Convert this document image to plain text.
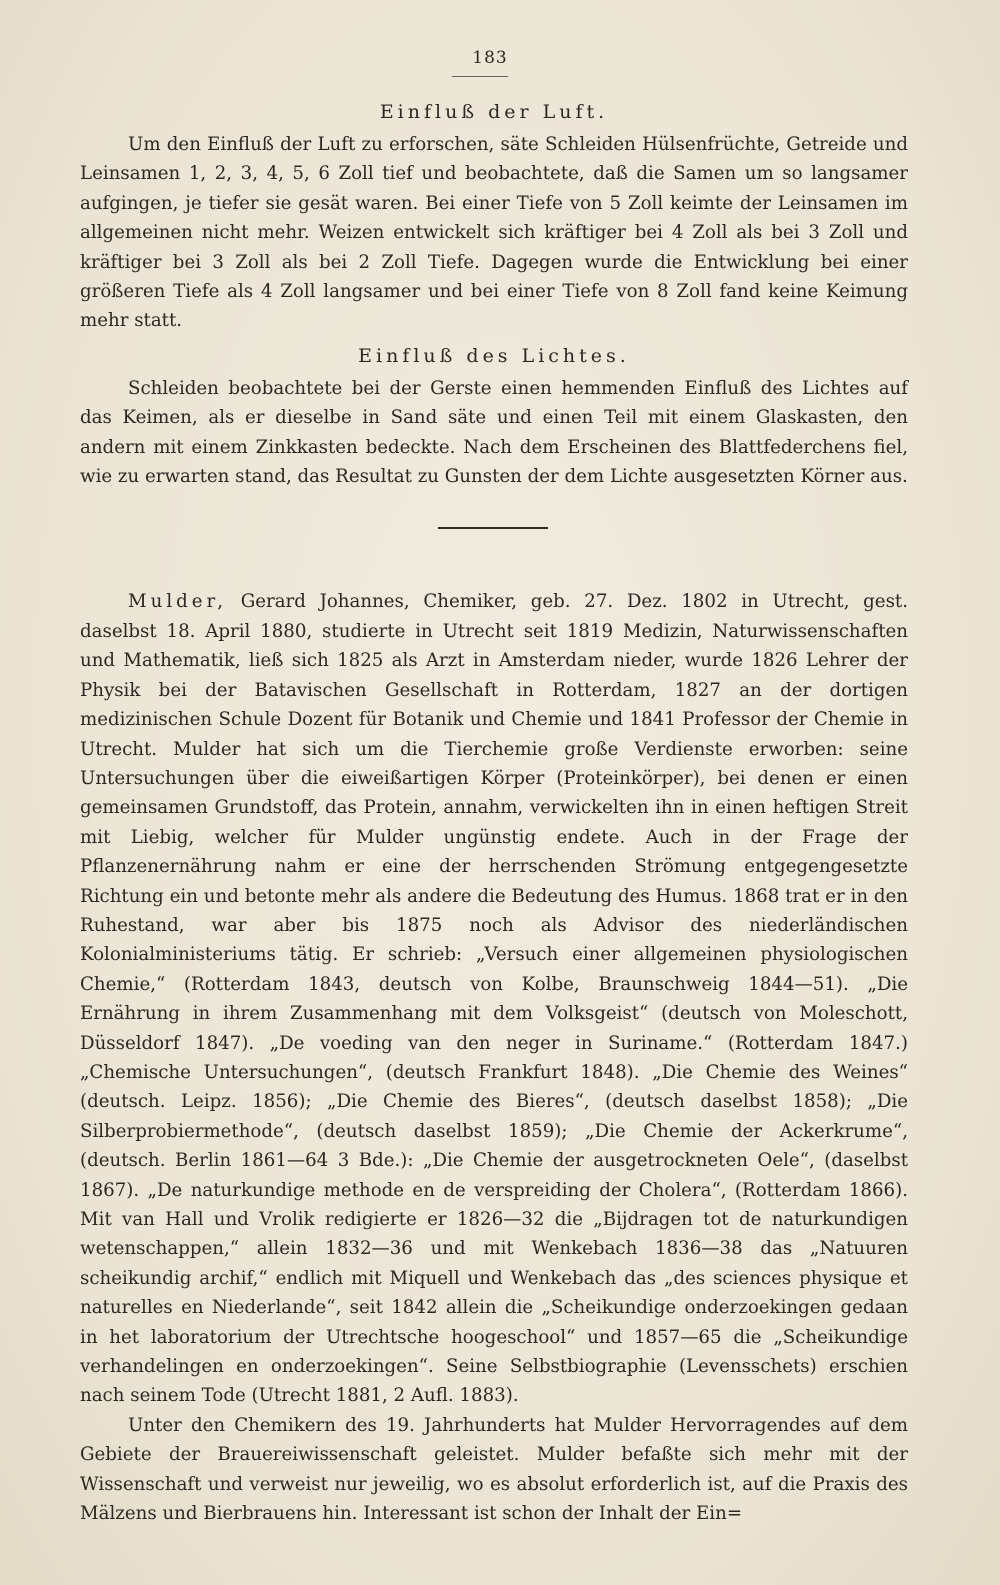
183
Einfluß der Luft.

Um den Einfluß der Luft zu erforschen, säte Schleiden Hülsenfrüchte, Getreide und Leinsamen 1, 2, 3, 4, 5, 6 Zoll tief und beobachtete, daß die Samen um so langsamer aufgingen, je tiefer sie gesät waren. Bei einer Tiefe von 5 Zoll keimte der Leinsamen im allgemeinen nicht mehr. Weizen entwickelt sich kräftiger bei 4 Zoll als bei 3 Zoll und kräftiger bei 3 Zoll als bei 2 Zoll Tiefe. Dagegen wurde die Entwicklung bei einer größeren Tiefe als 4 Zoll langsamer und bei einer Tiefe von 8 Zoll fand keine Keimung mehr statt.

Einfluß des Lichtes.

Schleiden beobachtete bei der Gerste einen hemmenden Einfluß des Lichtes auf das Keimen, als er dieselbe in Sand säte und einen Teil mit einem Glaskasten, den andern mit einem Zinkkasten bedeckte. Nach dem Erscheinen des Blattfederchens fiel, wie zu erwarten stand, das Resultat zu Gunsten der dem Lichte ausgesetzten Körner aus.

Mulder, Gerard Johannes, Chemiker, geb. 27. Dez. 1802 in Utrecht, gest. daselbst 18. April 1880, studierte in Utrecht seit 1819 Medizin, Naturwissenschaften und Mathematik, ließ sich 1825 als Arzt in Amsterdam nieder, wurde 1826 Lehrer der Physik bei der Batavischen Gesellschaft in Rotterdam, 1827 an der dortigen medizinischen Schule Dozent für Botanik und Chemie und 1841 Professor der Chemie in Utrecht. Mulder hat sich um die Tierchemie große Verdienste erworben: seine Untersuchungen über die eiweißartigen Körper (Proteinkörper), bei denen er einen gemeinsamen Grundstoff, das Protein, annahm, verwickelten ihn in einen heftigen Streit mit Liebig, welcher für Mulder ungünstig endete. Auch in der Frage der Pflanzenernährung nahm er eine der herrschenden Strömung entgegengesetzte Richtung ein und betonte mehr als andere die Bedeutung des Humus. 1868 trat er in den Ruhestand, war aber bis 1875 noch als Advisor des niederländischen Kolonialministeriums tätig. Er schrieb: „Versuch einer allgemeinen physiologischen Chemie,“ (Rotterdam 1843, deutsch von Kolbe, Braunschweig 1844—51). „Die Ernährung in ihrem Zusammenhang mit dem Volksgeist“ (deutsch von Moleschott, Düsseldorf 1847). „De voeding van den neger in Suriname.“ (Rotterdam 1847.) „Chemische Untersuchungen“, (deutsch Frankfurt 1848). „Die Chemie des Weines“ (deutsch. Leipz. 1856); „Die Chemie des Bieres“, (deutsch daselbst 1858); „Die Silberprobiermethode“, (deutsch daselbst 1859); „Die Chemie der Ackerkrume“, (deutsch. Berlin 1861—64 3 Bde.): „Die Chemie der ausgetrockneten Oele“, (daselbst 1867). „De naturkundige methode en de verspreiding der Cholera“, (Rotterdam 1866). Mit van Hall und Vrolik redigierte er 1826—32 die „Bijdragen tot de naturkundigen wetenschappen,“ allein 1832—36 und mit Wenkebach 1836—38 das „Natuuren scheikundig archif,“ endlich mit Miquell und Wenkebach das „des sciences physique et naturelles en Niederlande“, seit 1842 allein die „Scheikundige onderzoekingen gedaan in het laboratorium der Utrechtsche hoogeschool“ und 1857—65 die „Scheikundige verhandelingen en onderzoekingen“. Seine Selbstbiographie (Levensschets) erschien nach seinem Tode (Utrecht 1881, 2 Aufl. 1883).

Unter den Chemikern des 19. Jahrhunderts hat Mulder Hervorragendes auf dem Gebiete der Brauereiwissenschaft geleistet. Mulder befaßte sich mehr mit der Wissenschaft und verweist nur jeweilig, wo es absolut erforderlich ist, auf die Praxis des Mälzens und Bierbrauens hin. Interessant ist schon der Inhalt der Ein=
